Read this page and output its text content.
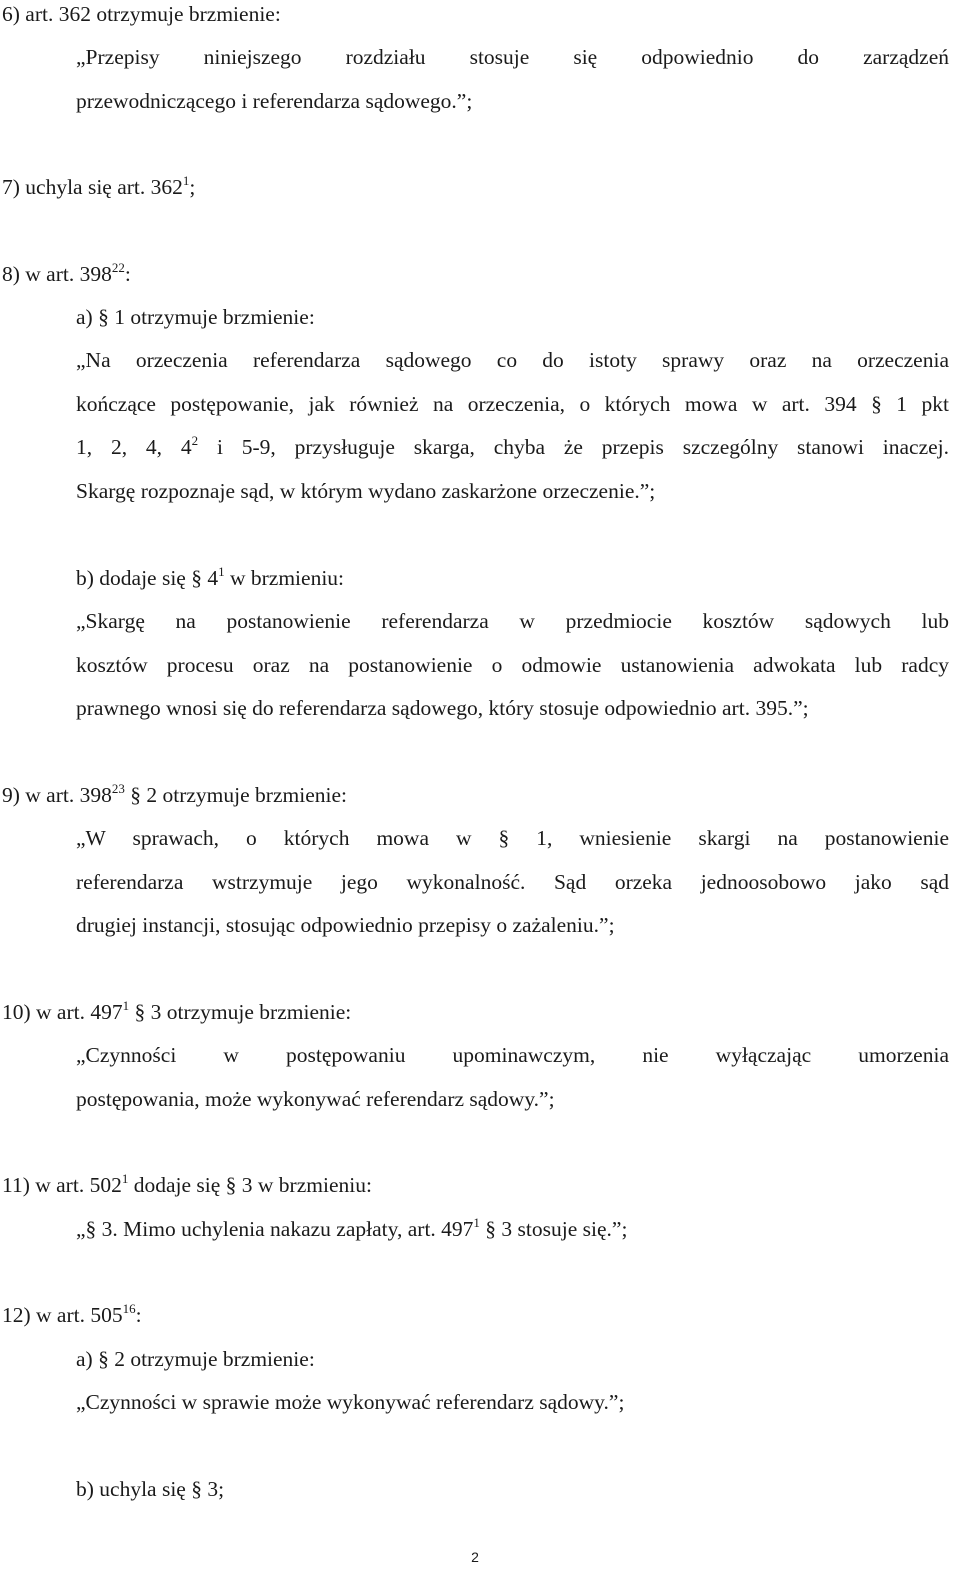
6) art. 362 otrzymuje brzmienie:
„Przepisy niniejszego rozdziału stosuje się odpowiednio do zarządzeń
przewodniczącego i referendarza sądowego.”;
7) uchyla się art. $362^1$;
8) w art. $398^{22}$:
a) § 1 otrzymuje brzmienie:
„Na orzeczenia referendarza sądowego co do istoty sprawy oraz na orzeczenia
kończące postępowanie, jak również na orzeczenia, o których mowa w art. 394 § 1 pkt
1, 2, 4, $4^2$ i 5-9, przysługuje skarga, chyba że przepis szczególny stanowi inaczej.
Skargę rozpoznaje sąd, w którym wydano zaskarżone orzeczenie.”;
b) dodaje się § $4^1$ w brzmieniu:
„Skargę na postanowienie referendarza w przedmiocie kosztów sądowych lub
kosztów procesu oraz na postanowienie o odmowie ustanowienia adwokata lub radcy
prawnego wnosi się do referendarza sądowego, który stosuje odpowiednio art. 395.”;
9) w art. $398^{23}$ § 2 otrzymuje brzmienie:
„W sprawach, o których mowa w § 1, wniesienie skargi na postanowienie
referendarza wstrzymuje jego wykonalność. Sąd orzeka jednoosobowo jako sąd
drugiej instancji, stosując odpowiednio przepisy o zażaleniu.”;
10) w art. $497^1$ § 3 otrzymuje brzmienie:
„Czynności w postępowaniu upominawczym, nie wyłączając umorzenia
postępowania, może wykonywać referendarz sądowy.”;
11) w art. $502^1$ dodaje się § 3 w brzmieniu:
„§ 3. Mimo uchylenia nakazu zapłaty, art. $497^1$ § 3 stosuje się.”;
12) w art. $505^{16}$:
a) § 2 otrzymuje brzmienie:
„Czynności w sprawie może wykonywać referendarz sądowy.”;
b) uchyla się § 3;
2
